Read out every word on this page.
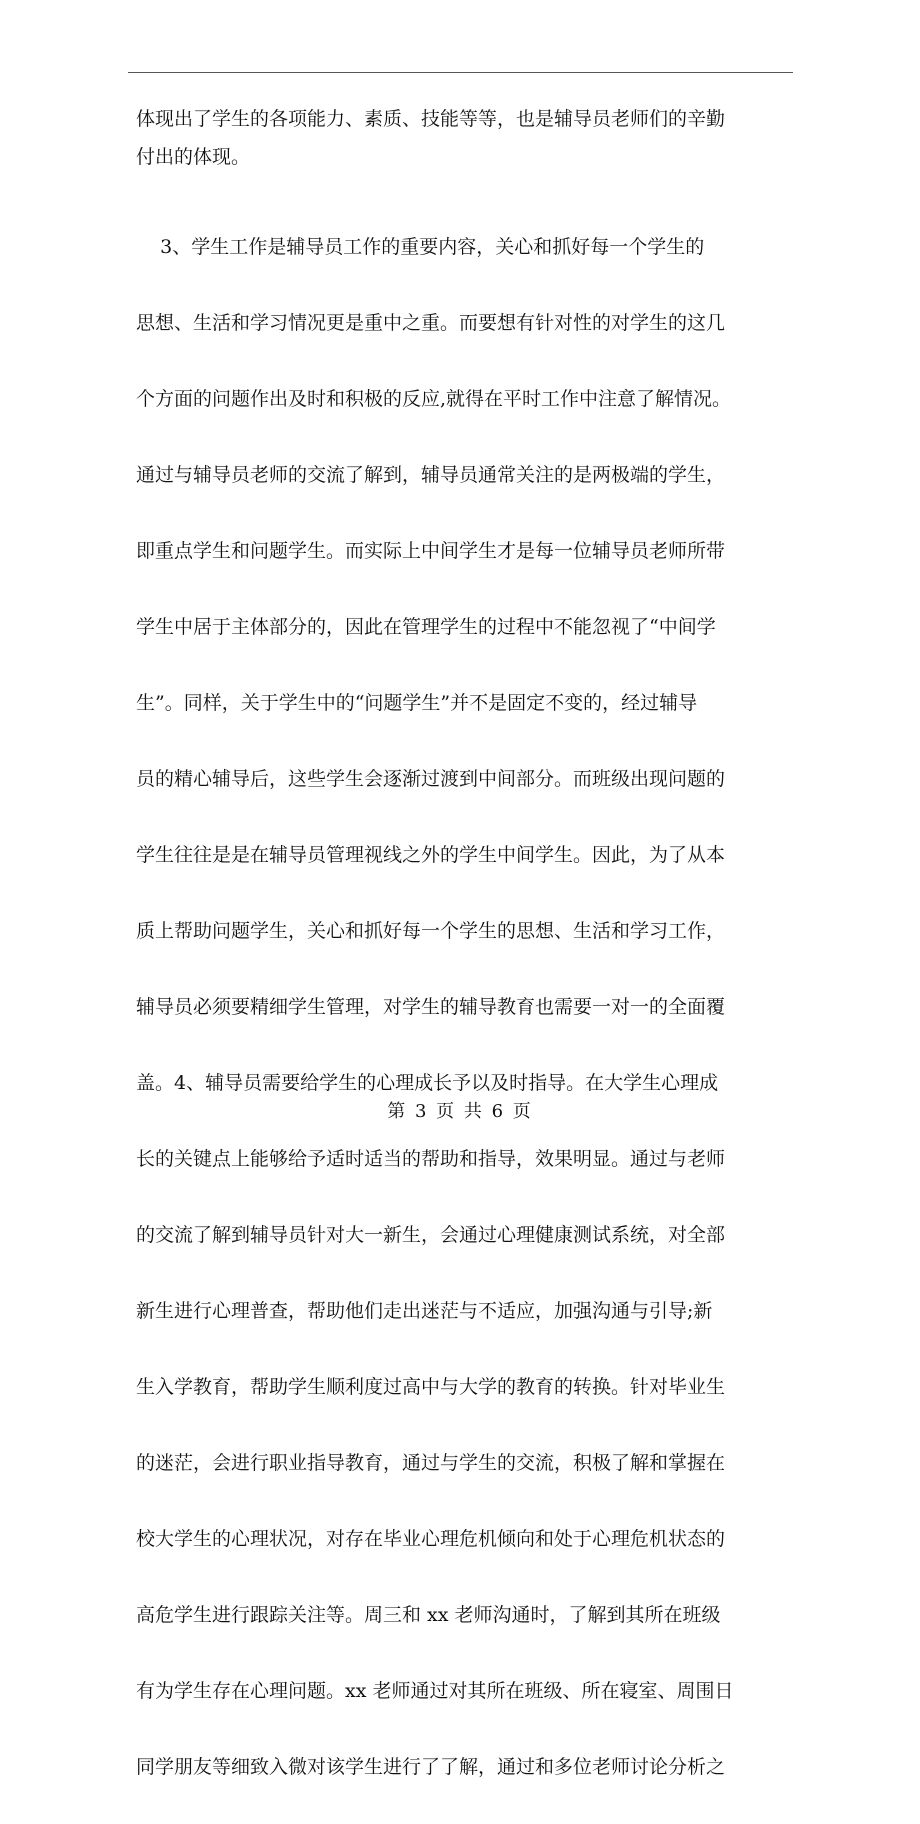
体现出了学生的各项能力、素质、技能等等，也是辅导员老师们的辛勤
付出的体现。

3、学生工作是辅导员工作的重要内容，关心和抓好每一个学生的

思想、生活和学习情况更是重中之重。而要想有针对性的对学生的这几

个方面的问题作出及时和积极的反应,就得在平时工作中注意了解情况。

通过与辅导员老师的交流了解到，辅导员通常关注的是两极端的学生，

即重点学生和问题学生。而实际上中间学生才是每一位辅导员老师所带

学生中居于主体部分的，因此在管理学生的过程中不能忽视了“中间学

生”。同样，关于学生中的“问题学生”并不是固定不变的，经过辅导

员的精心辅导后，这些学生会逐渐过渡到中间部分。而班级出现问题的

学生往往是是在辅导员管理视线之外的学生中间学生。因此，为了从本

质上帮助问题学生，关心和抓好每一个学生的思想、生活和学习工作，

辅导员必须要精细学生管理，对学生的辅导教育也需要一对一的全面覆

盖。4、辅导员需要给学生的心理成长予以及时指导。在大学生心理成

长的关键点上能够给予适时适当的帮助和指导，效果明显。通过与老师

的交流了解到辅导员针对大一新生，会通过心理健康测试系统，对全部

新生进行心理普查，帮助他们走出迷茫与不适应，加强沟通与引导;新

生入学教育，帮助学生顺利度过高中与大学的教育的转换。针对毕业生

的迷茫，会进行职业指导教育，通过与学生的交流，积极了解和掌握在

校大学生的心理状况，对存在毕业心理危机倾向和处于心理危机状态的

高危学生进行跟踪关注等。周三和 xx 老师沟通时，了解到其所在班级

有为学生存在心理问题。xx 老师通过对其所在班级、所在寝室、周围日

同学朋友等细致入微对该学生进行了了解，通过和多位老师讨论分析之

第 3 页 共 6 页
